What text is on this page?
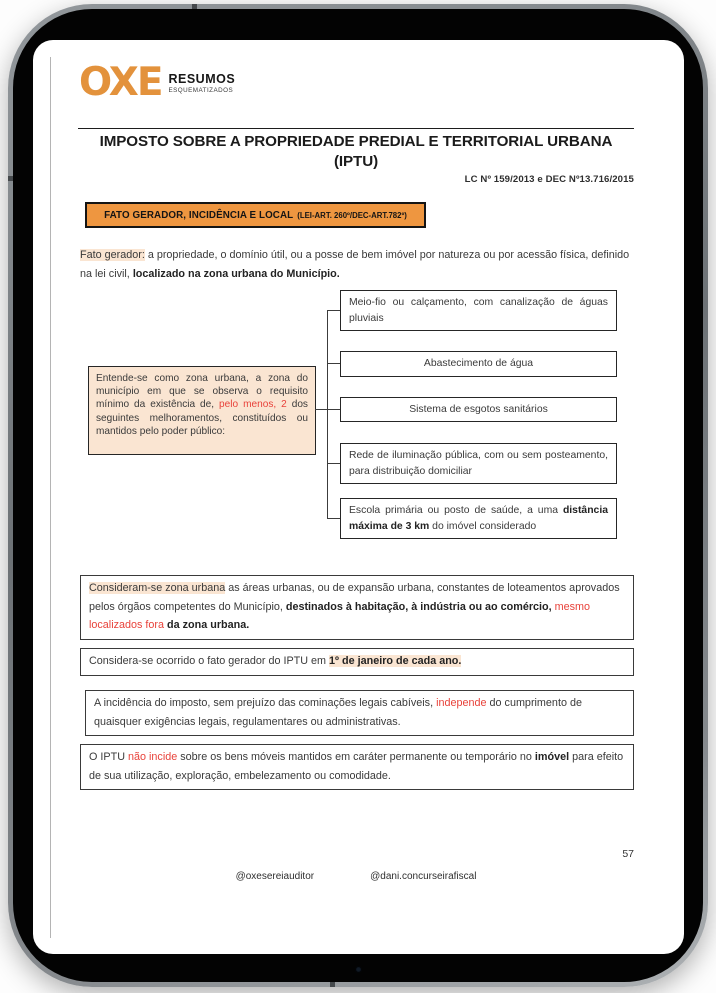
OXE RESUMOS
ESQUEMATIZADOS
IMPOSTO SOBRE A PROPRIEDADE PREDIAL E TERRITORIAL URBANA
(IPTU)
LC Nº 159/2013 e DEC Nº13.716/2015
FATO GERADOR, INCIDÊNCIA E LOCAL (LEI-ART. 260º/DEC-ART.782º)
Fato gerador: a propriedade, o domínio útil, ou a posse de bem imóvel por natureza ou por acessão física, definido na lei civil, localizado na zona urbana do Município.
Entende-se como zona urbana, a zona do município em que se observa o requisito mínimo da existência de, pelo menos, 2 dos seguintes melhoramentos, constituídos ou mantidos pelo poder público:
Meio-fio ou calçamento, com canalização de águas pluviais
Abastecimento de água
Sistema de esgotos sanitários
Rede de iluminação pública, com ou sem posteamento, para distribuição domiciliar
Escola primária ou posto de saúde, a uma distância máxima de 3 km do imóvel considerado
Consideram-se zona urbana as áreas urbanas, ou de expansão urbana, constantes de loteamentos aprovados pelos órgãos competentes do Município, destinados à habitação, à indústria ou ao comércio, mesmo localizados fora da zona urbana.
Considera-se ocorrido o fato gerador do IPTU em 1º de janeiro de cada ano.
A incidência do imposto, sem prejuízo das cominações legais cabíveis, independe do cumprimento de quaisquer exigências legais, regulamentares ou administrativas.
O IPTU não incide sobre os bens móveis mantidos em caráter permanente ou temporário no imóvel para efeito de sua utilização, exploração, embelezamento ou comodidade.
57
@oxesereiauditor	@dani.concurseirafiscal
